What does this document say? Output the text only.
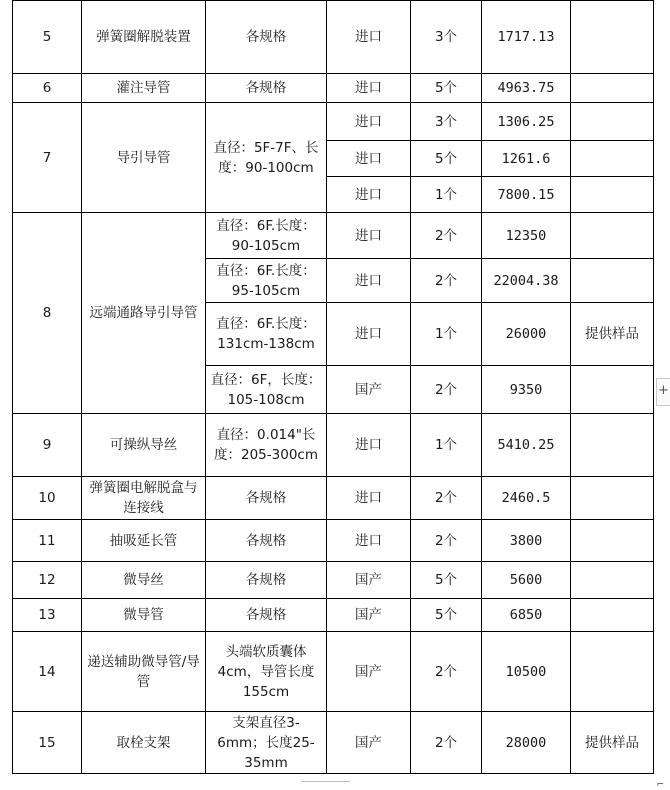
5	弹簧圈解脱装置	各规格	进口	3个	1717.13	
6	灌注导管	各规格	进口	5个	4963.75	
7	导引导管	直径：5F-7F、长度：90-100cm	进口	3个	1306.25	
			进口	5个	1261.6	
			进口	1个	7800.15	
8	远端通路导引导管	直径：6F.长度：90-105cm	进口	2个	12350	
		直径：6F.长度：95-105cm	进口	2个	22004.38	
		直径：6F.长度：131cm-138cm	进口	1个	26000	提供样品
		直径：6F，长度：105-108cm	国产	2个	9350	
9	可操纵导丝	直径：0.014"长度：205-300cm	进口	1个	5410.25	
10	弹簧圈电解脱盒与连接线	各规格	进口	2个	2460.5	
11	抽吸延长管	各规格	进口	2个	3800	
12	微导丝	各规格	国产	5个	5600	
13	微导管	各规格	国产	5个	6850	
14	递送辅助微导管/导管	头端软质囊体4cm，导管长度155cm	国产	2个	10500	
15	取栓支架	支架直径3-6mm；长度25-35mm	国产	2个	28000	提供样品
+
⌐
